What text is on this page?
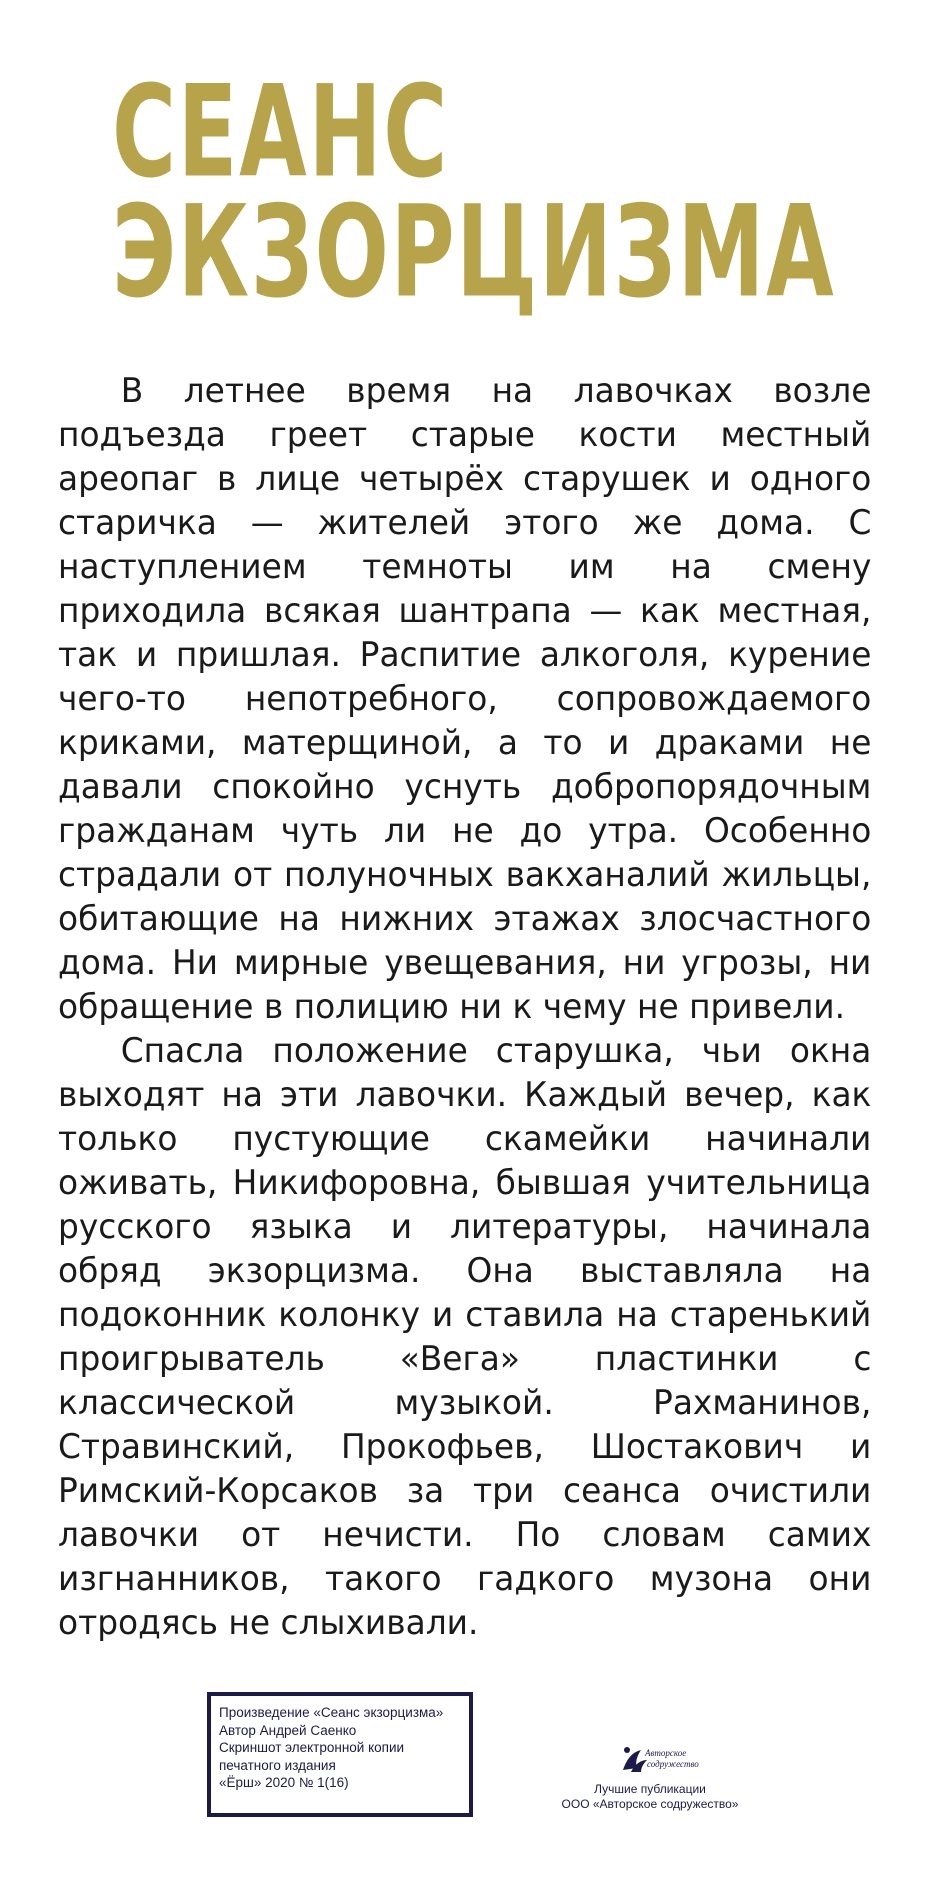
СЕАНС
ЭКЗОРЦИЗМА

В летнее время на лавочках возле подъезда греет старые кости местный ареопаг в лице четырёх старушек и одного старичка — жителей этого же дома. С наступлением темноты им на смену приходила всякая шантрапа — как местная, так и пришлая. Распитие алкоголя, курение чего-то непотребного, сопровождаемого криками, матерщиной, а то и драками не давали спокойно уснуть добропорядочным гражданам чуть ли не до утра. Особенно страдали от полуночных вакханалий жильцы, обитающие на нижних этажах злосчастного дома. Ни мирные увещевания, ни угрозы, ни обращение в полицию ни к чему не привели.

Спасла положение старушка, чьи окна выходят на эти лавочки. Каждый вечер, как только пустующие скамейки начинали оживать, Никифоровна, бывшая учительница русского языка и литературы, начинала обряд экзорцизма. Она выставляла на подоконник колонку и ставила на старенький проигрыватель «Вега» пластинки с классической музыкой. Рахманинов, Стравинский, Прокофьев, Шостакович и Римский-Корсаков за три сеанса очистили лавочки от нечисти. По словам самих изгнанников, такого гадкого музона они отродясь не слыхивали.

Произведение «Сеанс экзорцизма»
Автор Андрей Саенко
Скриншот электронной копии
печатного издания
«Ёрш» 2020 № 1(16)
Авторское
содружество
Лучшие публикации
ООО «Авторское содружество»
